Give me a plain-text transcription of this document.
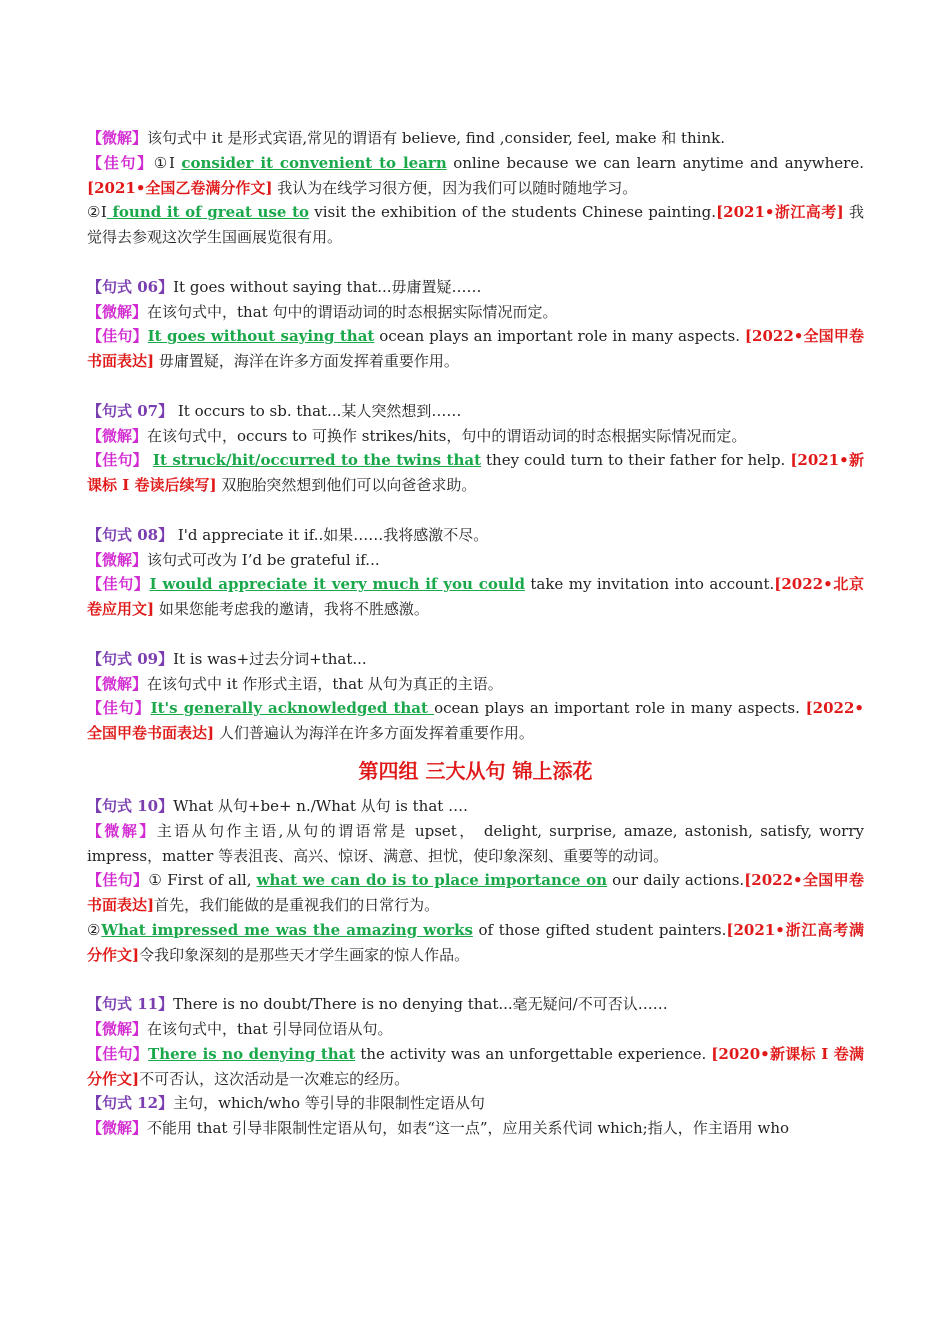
【微解】该句式中 it 是形式宾语,常见的谓语有 believe, find ,consider, feel, make 和 think.

【佳句】①I consider it convenient to learn online because we can learn anytime and anywhere. [2021•全国乙卷满分作文] 我认为在线学习很方便，因为我们可以随时随地学习。

②I found it of great use to visit the exhibition of the students Chinese painting.[2021•浙江高考] 我觉得去参观这次学生国画展览很有用。

【句式 06】It goes without saying that...毋庸置疑……

【微解】在该句式中，that 句中的谓语动词的时态根据实际情况而定。

【佳句】It goes without saying that ocean plays an important role in many aspects. [2022•全国甲卷书面表达] 毋庸置疑，海洋在许多方面发挥着重要作用。

【句式 07】 It occurs to sb. that...某人突然想到……

【微解】在该句式中，occurs to 可换作 strikes/hits，句中的谓语动词的时态根据实际情况而定。

【佳句】 It struck/hit/occurred to the twins that they could turn to their father for help. [2021•新课标 I 卷读后续写] 双胞胎突然想到他们可以向爸爸求助。

【句式 08】 I'd appreciate it if..如果……我将感激不尽。

【微解】该句式可改为 I’d be grateful if...

【佳句】I would appreciate it very much if you could take my invitation into account.[2022•北京卷应用文] 如果您能考虑我的邀请，我将不胜感激。

【句式 09】It is was+过去分词+that...

【微解】在该句式中 it 作形式主语，that 从句为真正的主语。

【佳句】It's generally acknowledged that ocean plays an important role in many aspects. [2022•全国甲卷书面表达] 人们普遍认为海洋在许多方面发挥着重要作用。

第四组 三大从句 锦上添花

【句式 10】What 从句+be+ n./What 从句 is that ….

【微解】主语从句作主语,从句的谓语常是 upset， delight, surprise, amaze, astonish, satisfy, worry impress，matter 等表沮丧、高兴、惊讶、满意、担忧，使印象深刻、重要等的动词。

【佳句】① First of all, what we can do is to place importance on our daily actions.[2022•全国甲卷书面表达]首先，我们能做的是重视我们的日常行为。

②What impressed me was the amazing works of those gifted student painters.[2021•浙江高考满分作文]令我印象深刻的是那些天才学生画家的惊人作品。

【句式 11】There is no doubt/There is no denying that...毫无疑问/不可否认……

【微解】在该句式中，that 引导同位语从句。

【佳句】There is no denying that the activity was an unforgettable experience. [2020•新课标 I 卷满分作文]不可否认，这次活动是一次难忘的经历。

【句式 12】主句，which/who 等引导的非限制性定语从句

【微解】不能用 that 引导非限制性定语从句，如表“这一点”，应用关系代词 which;指人，作主语用 who
